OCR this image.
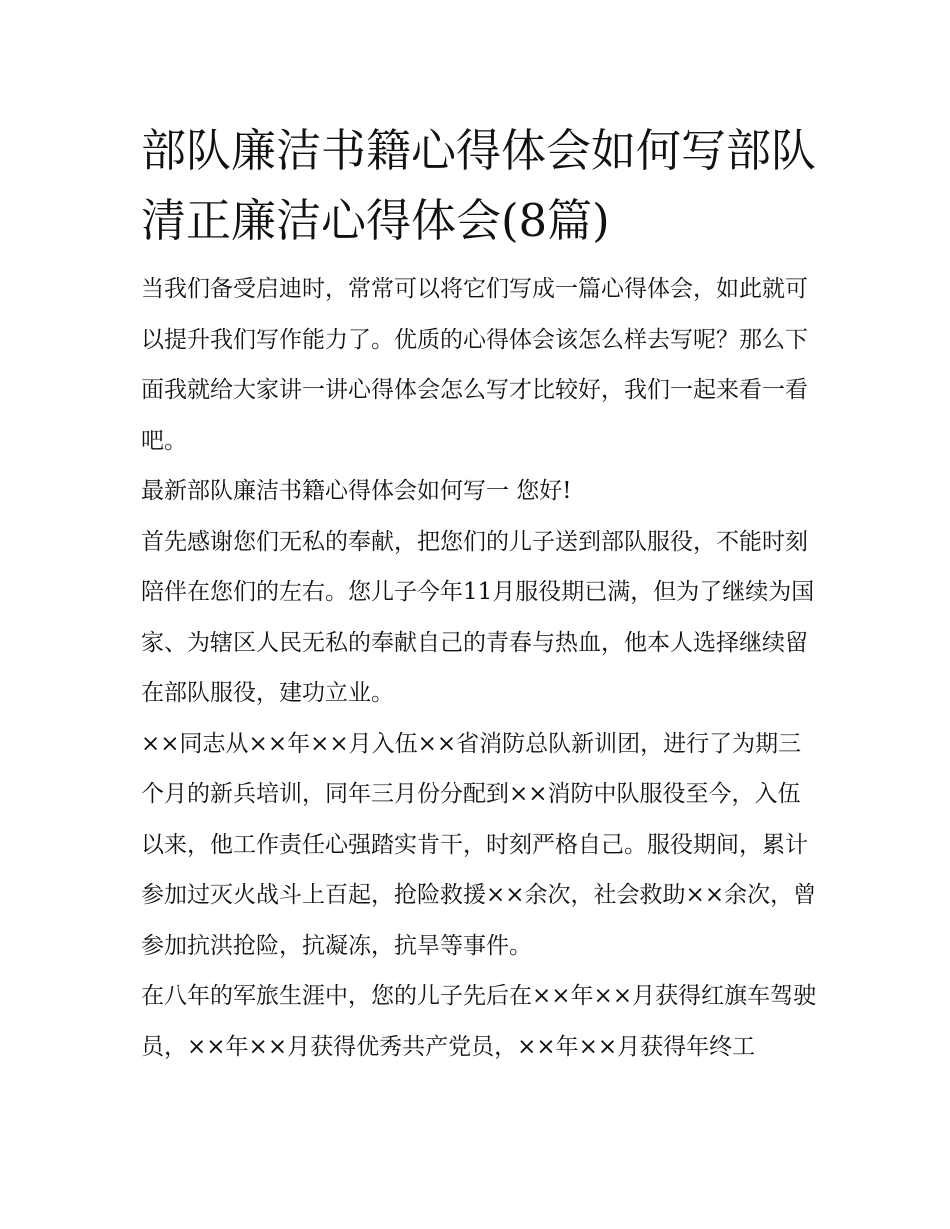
部队廉洁书籍心得体会如何写部队清正廉洁心得体会(8篇)

当我们备受启迪时，常常可以将它们写成一篇心得体会，如此就可以提升我们写作能力了。优质的心得体会该怎么样去写呢？那么下面我就给大家讲一讲心得体会怎么写才比较好，我们一起来看一看吧。

最新部队廉洁书籍心得体会如何写一 您好!

首先感谢您们无私的奉献，把您们的儿子送到部队服役，不能时刻陪伴在您们的左右。您儿子今年11月服役期已满，但为了继续为国家、为辖区人民无私的奉献自己的青春与热血，他本人选择继续留在部队服役，建功立业。

××同志从××年××月入伍××省消防总队新训团，进行了为期三个月的新兵培训，同年三月份分配到××消防中队服役至今，入伍以来，他工作责任心强踏实肯干，时刻严格自己。服役期间，累计参加过灭火战斗上百起，抢险救援××余次，社会救助××余次，曾参加抗洪抢险，抗凝冻，抗旱等事件。

在八年的军旅生涯中，您的儿子先后在××年××月获得红旗车驾驶员，××年××月获得优秀共产党员，××年××月获得年终工
